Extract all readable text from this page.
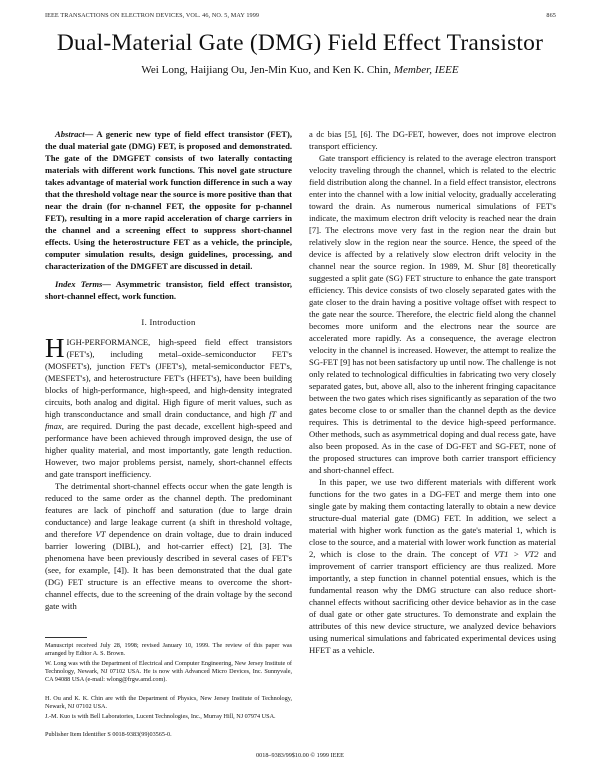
IEEE TRANSACTIONS ON ELECTRON DEVICES, VOL. 46, NO. 5, MAY 1999	865
Dual-Material Gate (DMG) Field Effect Transistor
Wei Long, Haijiang Ou, Jen-Min Kuo, and Ken K. Chin, Member, IEEE

Abstract— A generic new type of field effect transistor (FET), the dual material gate (DMG) FET, is proposed and demonstrated. The gate of the DMGFET consists of two laterally contacting materials with different work functions. This novel gate structure takes advantage of material work function difference in such a way that the threshold voltage near the source is more positive than that near the drain (for n-channel FET, the opposite for p-channel FET), resulting in a more rapid acceleration of charge carriers in the channel and a screening effect to suppress short-channel effects. Using the heterostructure FET as a vehicle, the principle, computer simulation results, design guidelines, processing, and characterization of the DMGFET are discussed in detail.

Index Terms— Asymmetric transistor, field effect transistor, short-channel effect, work function.

I. Introduction

HIGH-PERFORMANCE, high-speed field effect transistors (FET's), including metal–oxide–semiconductor FET's (MOSFET's), junction FET's (JFET's), metal-semiconductor FET's, (MESFET's), and heterostructure FET's (HFET's), have been building blocks of high-performance, high-speed, and high-density integrated circuits, both analog and digital. High figure of merit values, such as high transconductance and small drain conductance, and high fT and fmax, are required. During the past decade, excellent high-speed and performance have been achieved through improved design, the use of higher quality material, and most importantly, gate length reduction. However, two major problems persist, namely, short-channel effects and gate transport inefficiency.

The detrimental short-channel effects occur when the gate length is reduced to the same order as the channel depth. The predominant features are lack of pinchoff and saturation (due to large drain conductance) and large leakage current (a shift in threshold voltage, and therefore VT dependence on drain voltage, due to drain induced barrier lowering (DIBL), and hot-carrier effect) [2], [3]. The phenomena have been previously described in several cases of FET's (see, for example, [4]). It has been demonstrated that the dual gate (DG) FET structure is an effective means to overcome the short-channel effects, due to the screening of the drain voltage by the second gate with

Manuscript received July 28, 1998; revised January 10, 1999. The review of this paper was arranged by Editor A. S. Brown.
W. Long was with the Department of Electrical and Computer Engineering, New Jersey Institute of Technology, Newark, NJ 07102 USA. He is now with Advanced Micro Devices, Inc. Sunnyvale, CA 94088 USA (e-mail: wlong@frgw.amd.com).
H. Ou and K. K. Chin are with the Department of Physics, New Jersey Institute of Technology, Newark, NJ 07102 USA.
J.-M. Kuo is with Bell Laboratories, Lucent Technologies, Inc., Murray Hill, NJ 07974 USA.
Publisher Item Identifier S 0018-9383(99)03565-0.

a dc bias [5], [6]. The DG-FET, however, does not improve electron transport efficiency.

Gate transport efficiency is related to the average electron transport velocity traveling through the channel, which is related to the electric field distribution along the channel. In a field effect transistor, electrons enter into the channel with a low initial velocity, gradually accelerating toward the drain. As numerous numerical simulations of FET's indicate, the maximum electron drift velocity is reached near the drain [7]. The electrons move very fast in the region near the drain but relatively slow in the region near the source. Hence, the speed of the device is affected by a relatively slow electron drift velocity in the channel near the source region. In 1989, M. Shur [8] theoretically suggested a split gate (SG) FET structure to enhance the gate transport efficiency. This device consists of two closely separated gates with the gate closer to the drain having a positive voltage offset with respect to the gate near the source. Therefore, the electric field along the channel becomes more uniform and the electrons near the source are accelerated more rapidly. As a consequence, the average electron velocity in the channel is increased. However, the attempt to realize the SG-FET [9] has not been satisfactory up until now. The challenge is not only related to technological difficulties in fabricating two very closely separated gates, but, above all, also to the inherent fringing capacitance between the two gates which rises significantly as separation of the two gates become close to or smaller than the channel depth as the device requires. This is detrimental to the device high-speed performance. Other methods, such as asymmetrical doping and dual recess gate, have also been proposed. As in the case of DG-FET and SG-FET, none of the proposed structures can improve both carrier transport efficiency and short-channel effect.

In this paper, we use two different materials with different work functions for the two gates in a DG-FET and merge them into one single gate by making them contacting laterally to obtain a new device structure-dual material gate (DMG) FET. In addition, we select a material with higher work function as the gate's material 1, which is close to the source, and a material with lower work function as material 2, which is close to the drain. The concept of VT1 > VT2 and improvement of carrier transport efficiency are thus realized. More importantly, a step function in channel potential ensues, which is the fundamental reason why the DMG structure can also reduce short-channel effects without sacrificing other device behavior as in the case of dual gate or other gate structures. To demonstrate and explain the attributes of this new device structure, we analyzed device behaviors using numerical simulations and fabricated experimental devices using HFET as a vehicle.

0018–9383/99$10.00 © 1999 IEEE
